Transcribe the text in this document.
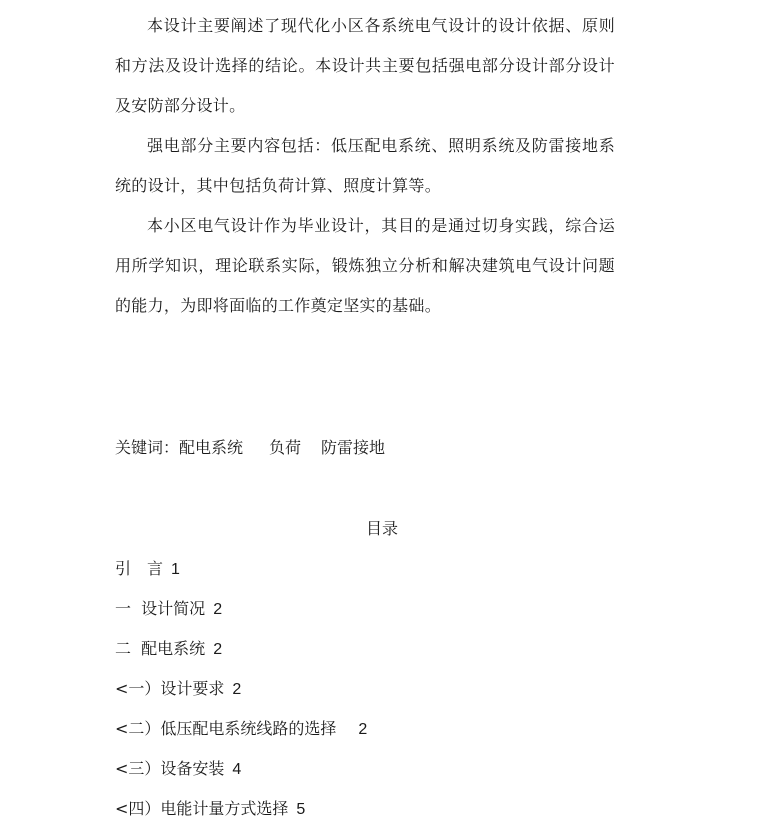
本设计主要阐述了现代化小区各系统电气设计的设计依据、原则和方法及设计选择的结论。本设计共主要包括强电部分设计部分设计及安防部分设计。

强电部分主要内容包括：低压配电系统、照明系统及防雷接地系统的设计，其中包括负荷计算、照度计算等。

本小区电气设计作为毕业设计，其目的是通过切身实践，综合运用所学知识，理论联系实际，锻炼独立分析和解决建筑电气设计问题的能力，为即将面临的工作奠定坚实的基础。

关键词：配电系统 负荷 防雷接地
目录
引　言 1
一  设计简况 2
二  配电系统 2
<一）设计要求 2
<二）低压配电系统线路的选择 2
<三）设备安装 4
<四）电能计量方式选择 5
